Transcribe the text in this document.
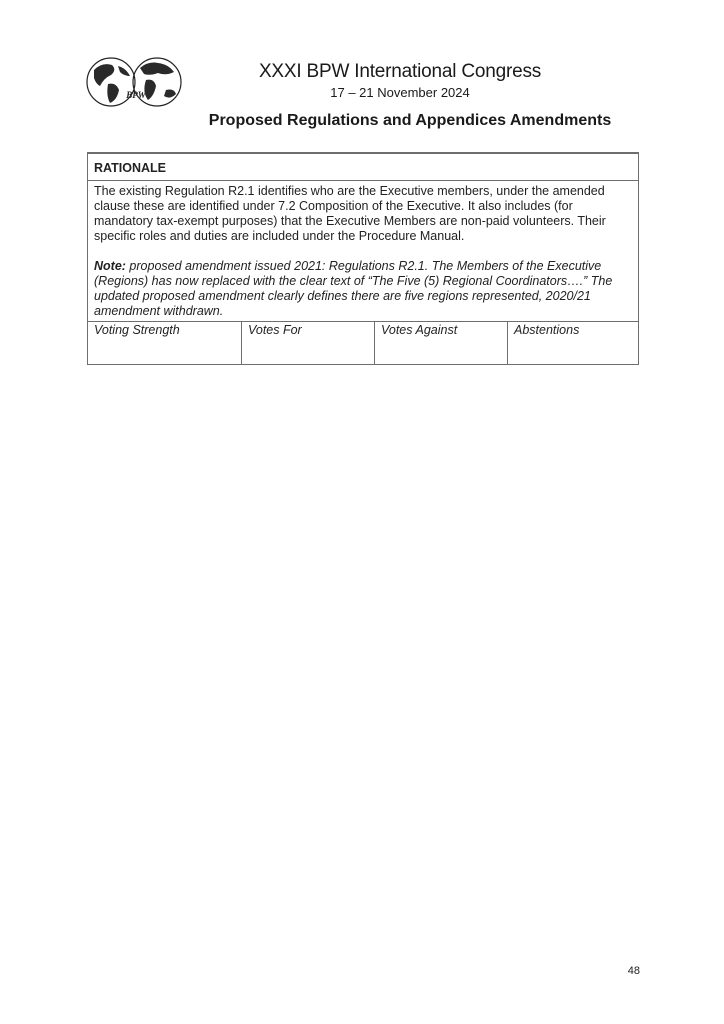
BPW
XXXI BPW International Congress
17 – 21 November 2024
Proposed Regulations and Appendices Amendments
RATIONALE

The existing Regulation R2.1 identifies who are the Executive members, under the amended clause these are identified under 7.2 Composition of the Executive. It also includes (for mandatory tax-exempt purposes) that the Executive Members are non-paid volunteers. Their specific roles and duties are included under the Procedure Manual.

Note: proposed amendment issued 2021: Regulations R2.1. The Members of the Executive (Regions) has now replaced with the clear text of “The Five (5) Regional Coordinators….” The updated proposed amendment clearly defines there are five regions represented, 2020/21 amendment withdrawn.

Voting Strength	Votes For	Votes Against	Abstentions
48
